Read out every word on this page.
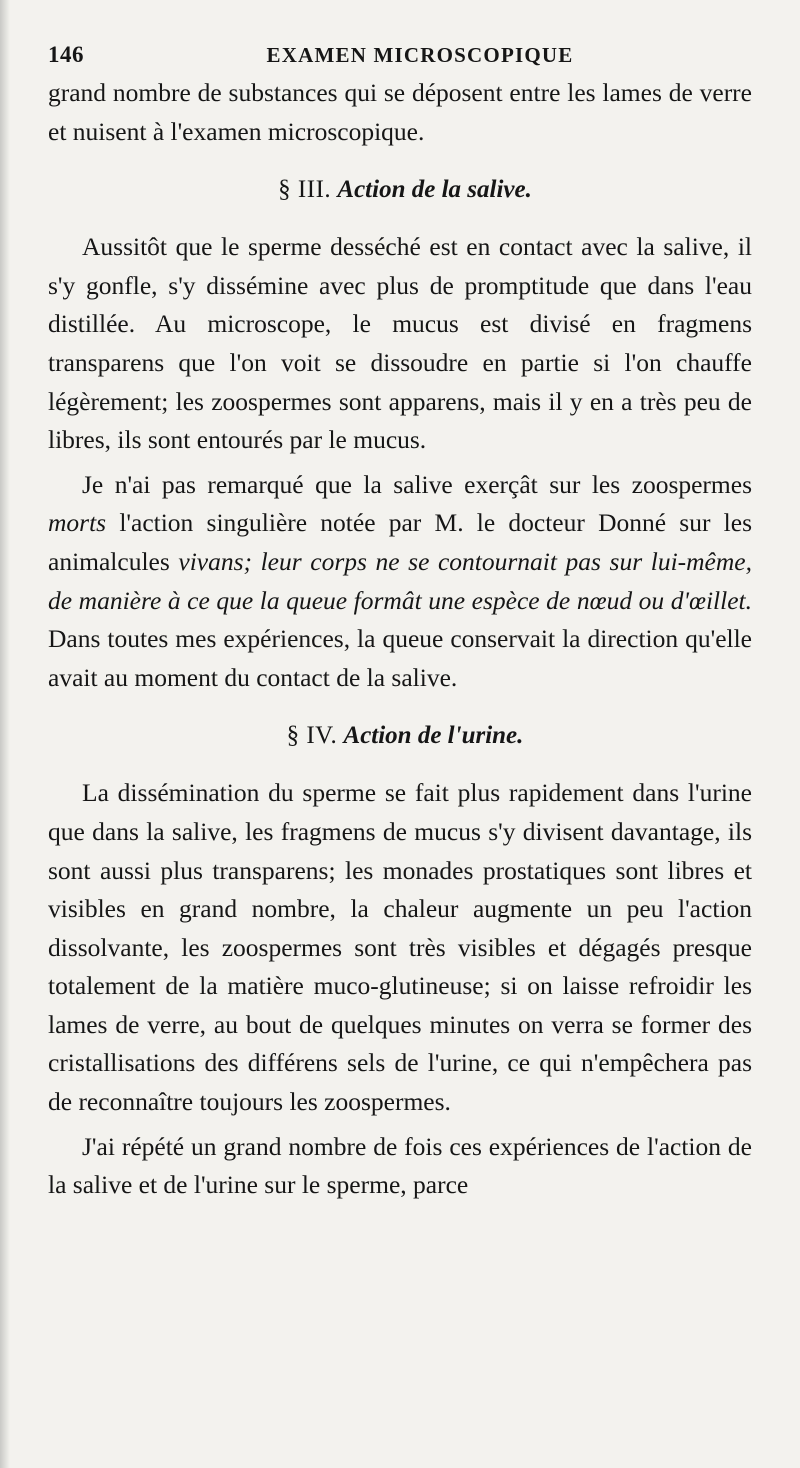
146	EXAMEN MICROSCOPIQUE

grand nombre de substances qui se déposent entre les lames de verre et nuisent à l'examen microscopique.

§ III. Action de la salive.

Aussitôt que le sperme desséché est en contact avec la salive, il s'y gonfle, s'y dissémine avec plus de promptitude que dans l'eau distillée. Au microscope, le mucus est divisé en fragmens transparens que l'on voit se dissoudre en partie si l'on chauffe légèrement; les zoospermes sont apparens, mais il y en a très peu de libres, ils sont entourés par le mucus.

Je n'ai pas remarqué que la salive exerçât sur les zoospermes morts l'action singulière notée par M. le docteur Donné sur les animalcules vivans; leur corps ne se contournait pas sur lui-même, de manière à ce que la queue formât une espèce de nœud ou d'œillet. Dans toutes mes expériences, la queue conservait la direction qu'elle avait au moment du contact de la salive.

§ IV. Action de l'urine.

La dissémination du sperme se fait plus rapidement dans l'urine que dans la salive, les fragmens de mucus s'y divisent davantage, ils sont aussi plus transparens; les monades prostatiques sont libres et visibles en grand nombre, la chaleur augmente un peu l'action dissolvante, les zoospermes sont très visibles et dégagés presque totalement de la matière muco-glutineuse; si on laisse refroidir les lames de verre, au bout de quelques minutes on verra se former des cristallisations des différens sels de l'urine, ce qui n'empêchera pas de reconnaître toujours les zoospermes.

J'ai répété un grand nombre de fois ces expériences de l'action de la salive et de l'urine sur le sperme, parce
